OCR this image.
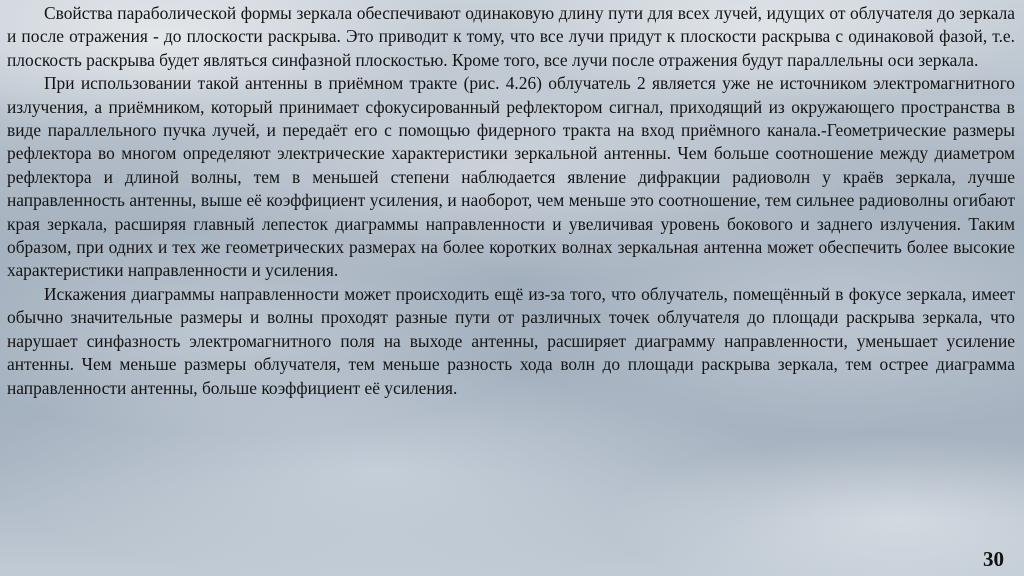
Свойства параболической формы зеркала обеспечивают одинаковую длину пути для всех лучей, идущих от облучателя до зеркала и после отражения - до плоскости раскрыва. Это приводит к тому, что все лучи придут к плоскости раскрыва с одинаковой фазой, т.е. плоскость раскрыва будет являться синфазной плоскостью. Кроме того, все лучи после отражения будут параллельны оси зеркала.

При использовании такой антенны в приёмном тракте (рис. 4.26) облучатель 2 является уже не источником электромагнитного излучения, а приёмником, который принимает сфокусированный рефлектором сигнал, приходящий из окружающего пространства в виде параллельного пучка лучей, и передаёт его с помощью фидерного тракта на вход приёмного канала.-Геометрические размеры рефлектора во многом определяют электрические характеристики зеркальной антенны. Чем больше соотношение между диаметром рефлектора и длиной волны, тем в меньшей степени наблюдается явление дифракции радиоволн у краёв зеркала, лучше направленность антенны, выше её коэффициент усиления, и наоборот, чем меньше это соотношение, тем сильнее радиоволны огибают края зеркала, расширяя главный лепесток диаграммы направленности и увеличивая уровень бокового и заднего излучения. Таким образом, при одних и тех же геометрических размерах на более коротких волнах зеркальная антенна может обеспечить более высокие характеристики направленности и усиления.

Искажения диаграммы направленности может происходить ещё из-за того, что облучатель, помещённый в фокусе зеркала, имеет обычно значительные размеры и волны проходят разные пути от различных точек облучателя до площади раскрыва зеркала, что нарушает синфазность электромагнитного поля на выходе антенны, расширяет диаграмму направленности, уменьшает усиление антенны. Чем меньше размеры облучателя, тем меньше разность хода волн до площади раскрыва зеркала, тем острее диаграмма направленности антенны, больше коэффициент её усиления.

30
